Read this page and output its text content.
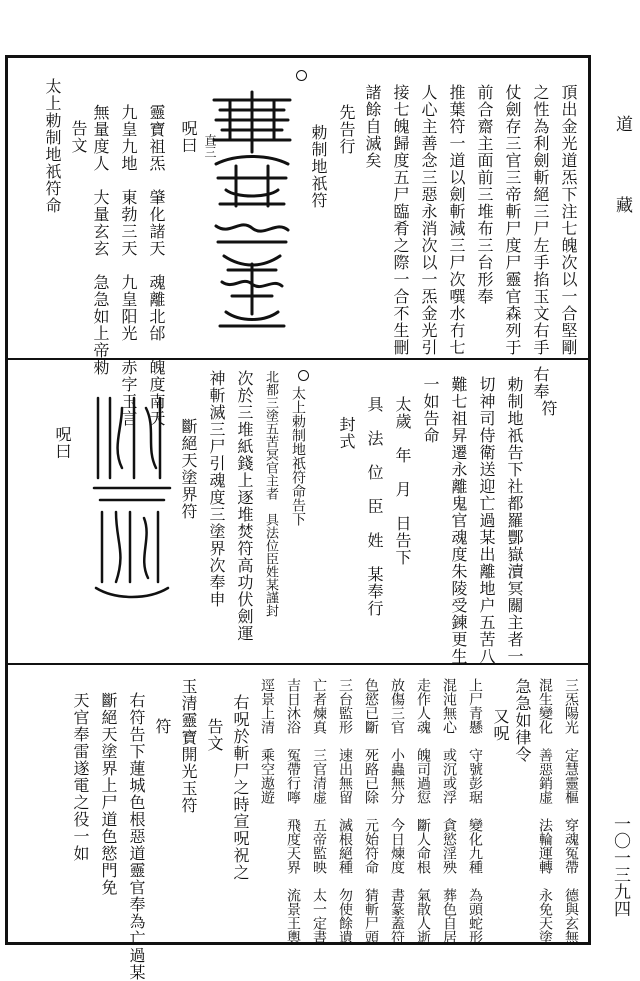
道 藏
一〇一三九四
頂出金光道炁下注七魄次以一合堅剛
之性為利劍斬絕三尸左手掐玉文右手
仗劍存三官三帝斬尸度尸靈官森列于
前合齋主面前三堆布三台形奉
推葉符一道以劍斬減三尸次噀水冇七
人心主善念三惡永消次以一炁金光引
接七魄歸度五尸臨肴之際一合不生刪
諸餘自滅矣
先告行
勅制地祇符
直三
呪曰
靈寶祖炁　肇化諸天　魂離北邰　魄度南天
九皇九地　東勃三天　九皇阳光　赤字玉言
無量度人　大量玄玄　急急如上帝勑
告文
太上勅制地祇符命
右奉
符
勅制地祇告下社都羅酆嶽瀆冥關主者一
切神司侍衛送迎亡過某出離地户五苦八
難七祖昇遷永離鬼官魂度朱陵受鍊更生
一如告命
太歲　年　月　日告下
具　法　位　臣　姓　某奉行
封式
太上勅制地祇符命告下
北都三塗五苦冥官主者　具法位臣姓某謹封
次於三堆紙錢上逐堆焚符高功伏劍運
神斬滅三尸引魂度三塗界次奉申
斷絕天塗界符
呪曰
三炁陽光　定慧靈樞　穿魂冤帶　德與玄無
混生變化　善惡銷虚　法輪運轉　永免天塗
急急如律令
又呪
上尸青懸　守號彭琚　變化九種　為頭蛇形
混沌無心　或沉或浮　貪慾淫殃　葬色自居
走作人魂　魄司過愆　斷人命根　氣散人逝
放傷三官　小蟲無分　今日煉度　書篆蓋符
色慾已斷　死路已除　元始符命　猜斬尸頭
三台監形　速出無留　滅根絕種　勿使餘遺
亡者煉真　三官清虚　五帝監映　太一定書
吉日沐浴　冤帶行嚀　飛度天界　流景王輿
逕景上清　乘空遨遊
右呪於斬尸之時宣呪祝之
告文
玉清靈寶開光玉符
符
右符告下蓮城色根惡道靈官奉為亡過某
斷絕天塗界上尸道色慾門免
天官奉雷遂電之役一如
